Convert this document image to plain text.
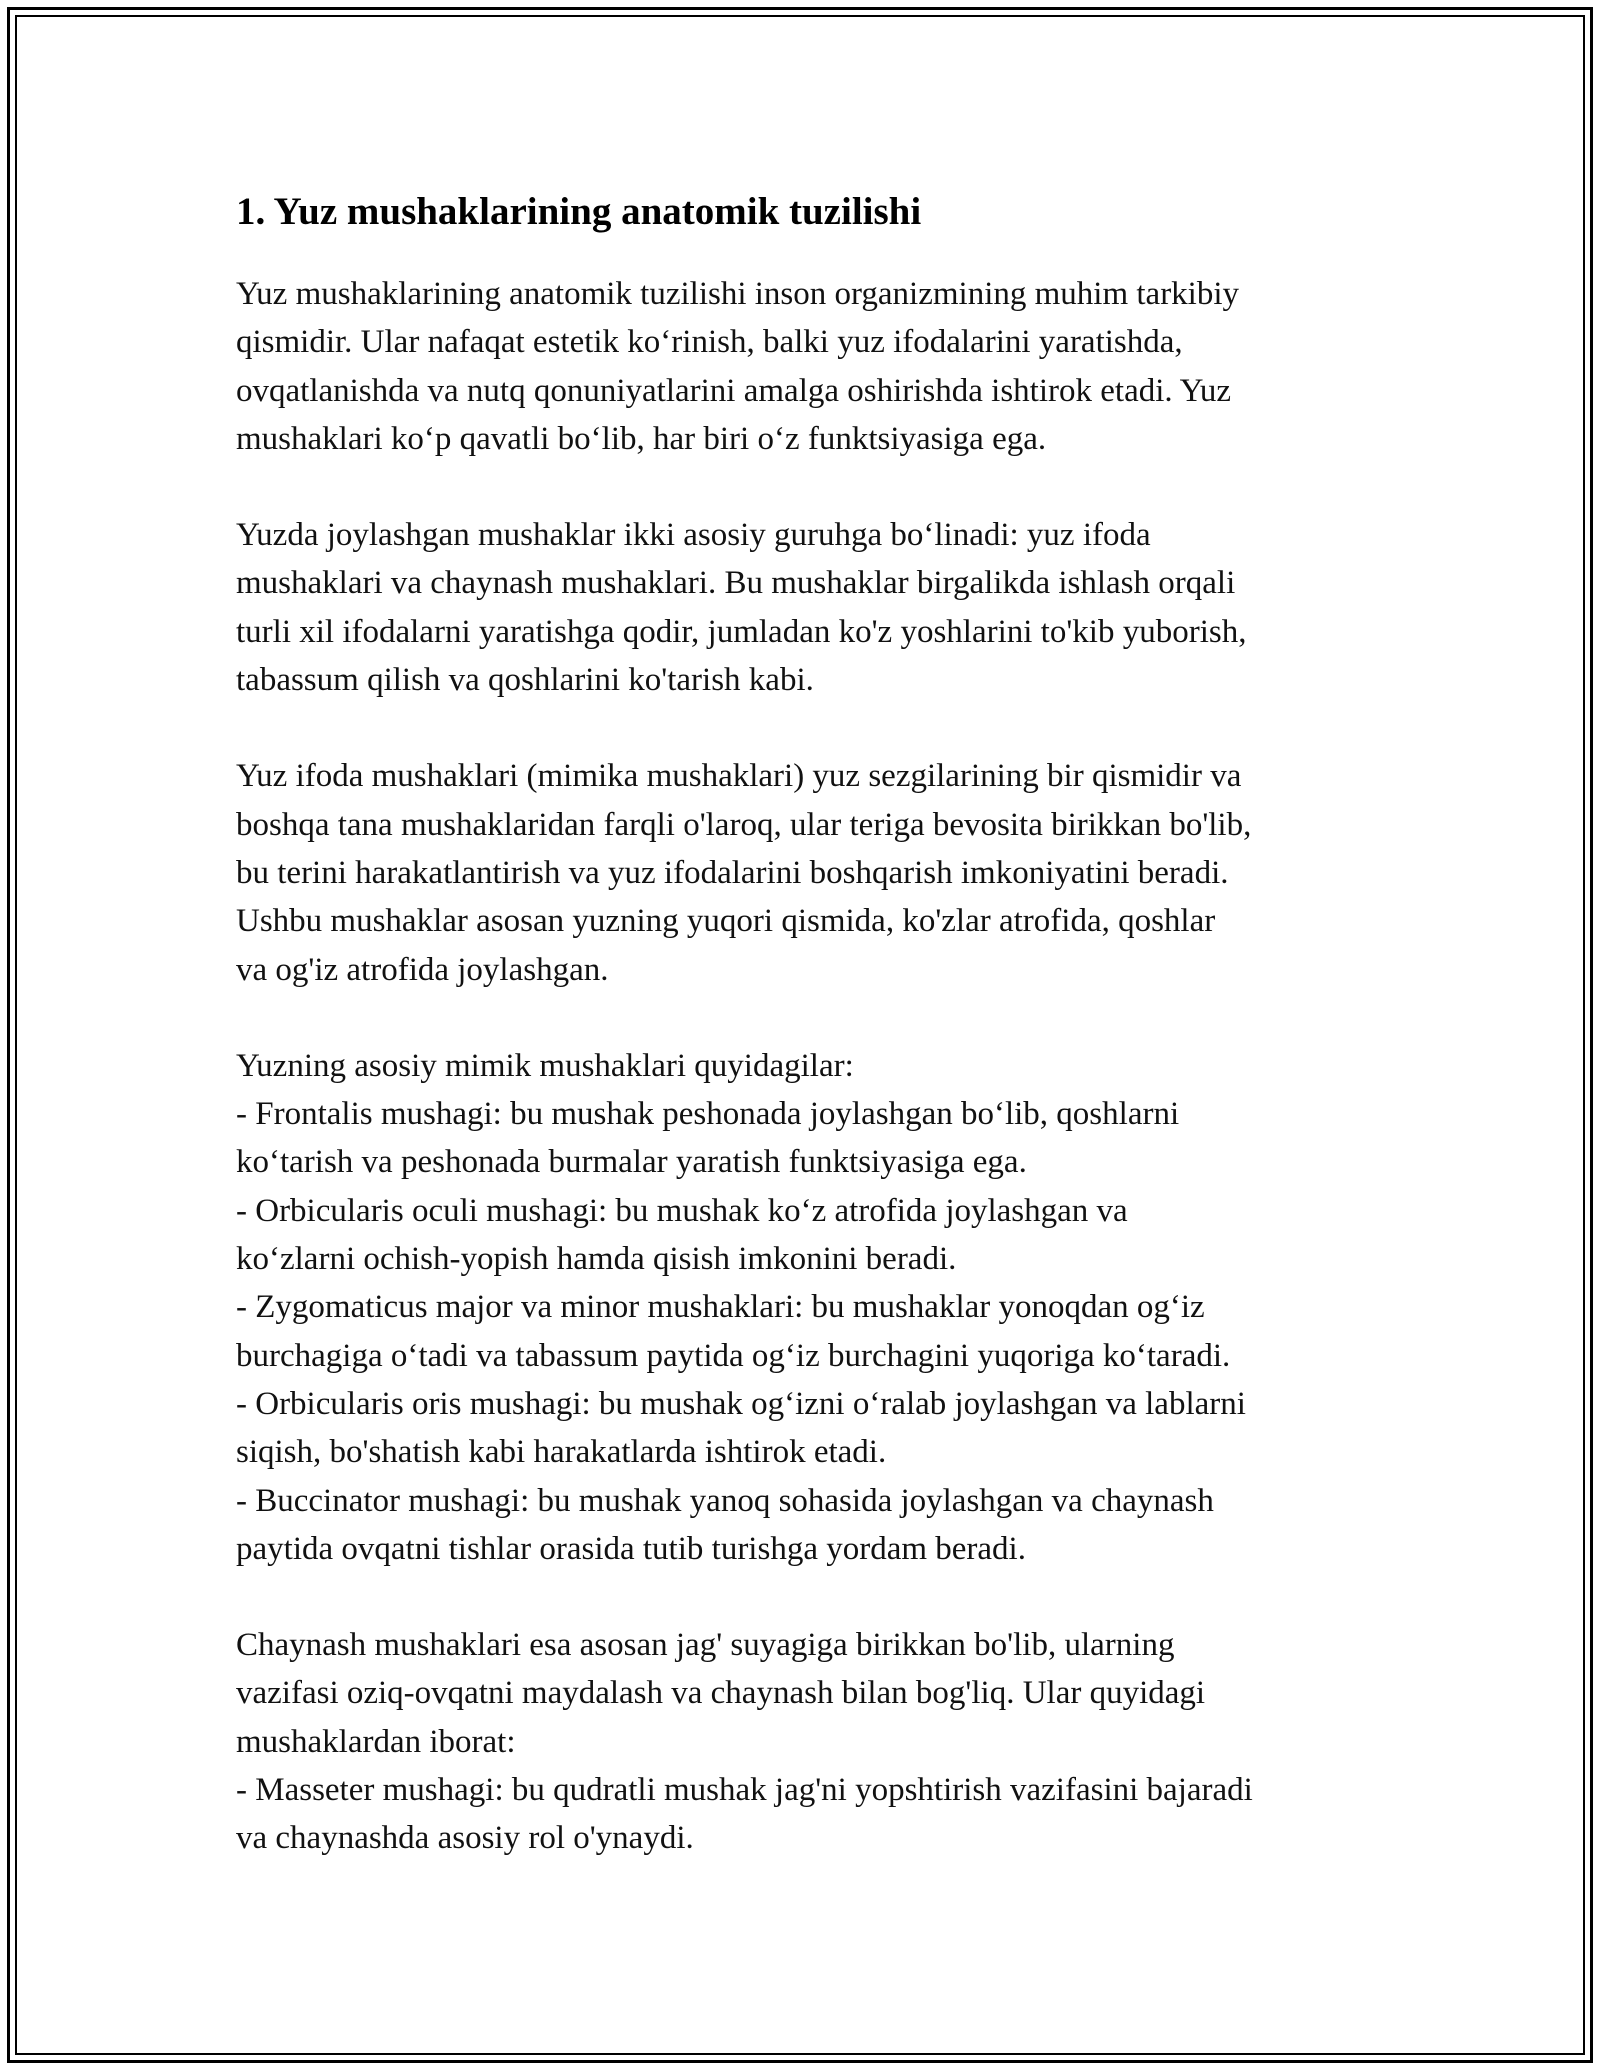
1. Yuz mushaklarining anatomik tuzilishi

Yuz mushaklarining anatomik tuzilishi inson organizmining muhim tarkibiy
qismidir. Ular nafaqat estetik koʻrinish, balki yuz ifodalarini yaratishda,
ovqatlanishda va nutq qonuniyatlarini amalga oshirishda ishtirok etadi. Yuz
mushaklari koʻp qavatli boʻlib, har biri oʻz funktsiyasiga ega.

Yuzda joylashgan mushaklar ikki asosiy guruhga boʻlinadi: yuz ifoda
mushaklari va chaynash mushaklari. Bu mushaklar birgalikda ishlash orqali
turli xil ifodalarni yaratishga qodir, jumladan ko'z yoshlarini to'kib yuborish,
tabassum qilish va qoshlarini ko'tarish kabi.

Yuz ifoda mushaklari (mimika mushaklari) yuz sezgilarining bir qismidir va
boshqa tana mushaklaridan farqli o'laroq, ular teriga bevosita birikkan bo'lib,
bu terini harakatlantirish va yuz ifodalarini boshqarish imkoniyatini beradi.
Ushbu mushaklar asosan yuzning yuqori qismida, ko'zlar atrofida, qoshlar
va og'iz atrofida joylashgan.

Yuzning asosiy mimik mushaklari quyidagilar:
- Frontalis mushagi: bu mushak peshonada joylashgan boʻlib, qoshlarni
koʻtarish va peshonada burmalar yaratish funktsiyasiga ega.
- Orbicularis oculi mushagi: bu mushak koʻz atrofida joylashgan va
koʻzlarni ochish-yopish hamda qisish imkonini beradi.
- Zygomaticus major va minor mushaklari: bu mushaklar yonoqdan ogʻiz
burchagiga oʻtadi va tabassum paytida ogʻiz burchagini yuqoriga koʻtaradi.
- Orbicularis oris mushagi: bu mushak ogʻizni oʻralab joylashgan va lablarni
siqish, bo'shatish kabi harakatlarda ishtirok etadi.
- Buccinator mushagi: bu mushak yanoq sohasida joylashgan va chaynash
paytida ovqatni tishlar orasida tutib turishga yordam beradi.

Chaynash mushaklari esa asosan jag' suyagiga birikkan bo'lib, ularning
vazifasi oziq-ovqatni maydalash va chaynash bilan bog'liq. Ular quyidagi
mushaklardan iborat:
- Masseter mushagi: bu qudratli mushak jag'ni yopshtirish vazifasini bajaradi
va chaynashda asosiy rol o'ynaydi.
